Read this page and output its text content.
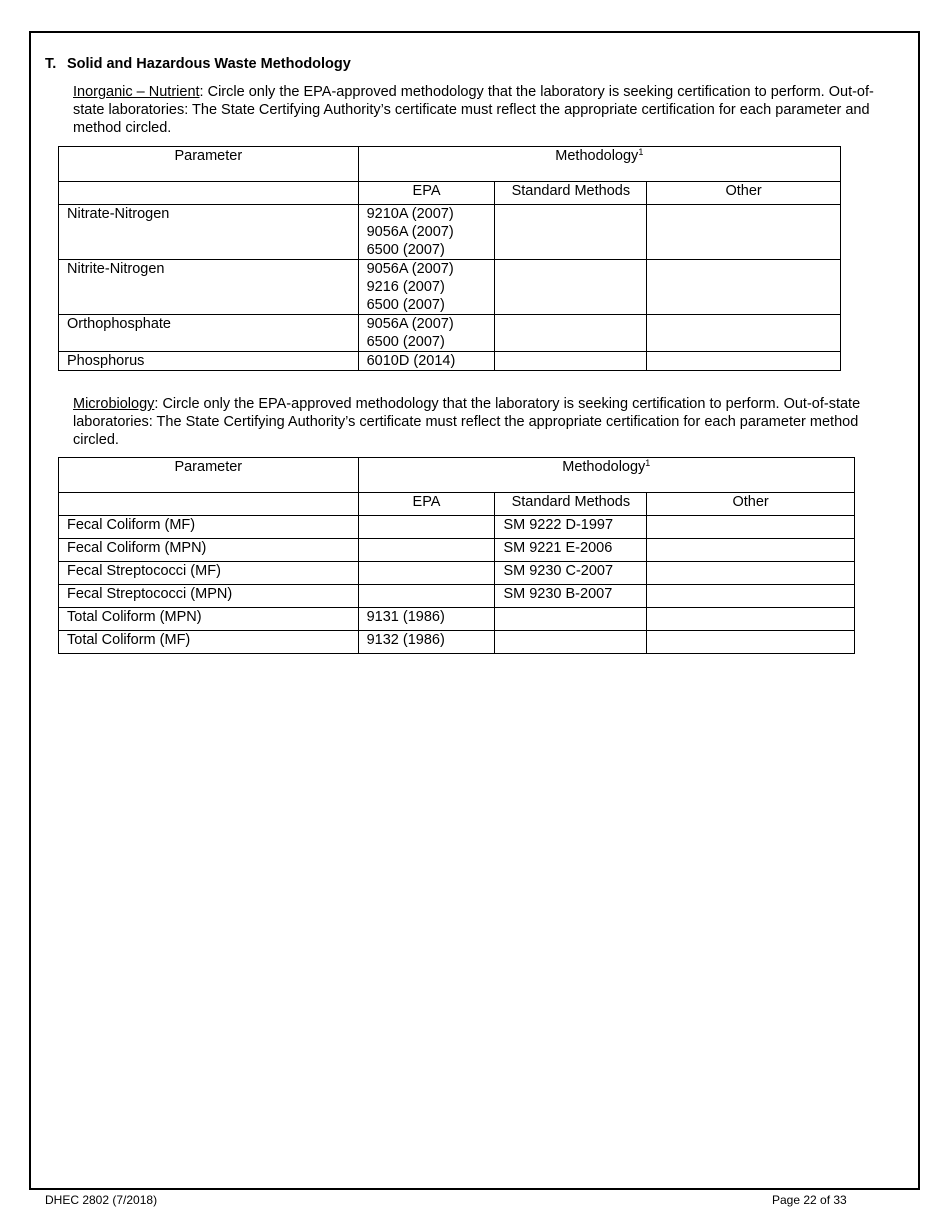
T. Solid and Hazardous Waste Methodology
Inorganic – Nutrient: Circle only the EPA-approved methodology that the laboratory is seeking certification to perform. Out-of-state laboratories: The State Certifying Authority’s certificate must reflect the appropriate certification for each parameter and method circled.
Parameter	Methodology$^1$
	EPA	Standard Methods	Other
Nitrate-Nitrogen	9210A (2007)
9056A (2007)
6500 (2007)		

Nitrite-Nitrogen	9056A (2007)
9216 (2007)
6500 (2007)		

Orthophosphate	9056A (2007)
6500 (2007)		

Phosphorus	6010D (2014)		

Microbiology: Circle only the EPA-approved methodology that the laboratory is seeking certification to perform. Out-of-state laboratories: The State Certifying Authority’s certificate must reflect the appropriate certification for each parameter method circled.
Parameter	Methodology$^1$
	EPA	Standard Methods	Other
Fecal Coliform (MF)		SM 9222 D-1997	
Fecal Coliform (MPN)		SM 9221 E-2006	
Fecal Streptococci (MF)		SM 9230 C-2007	
Fecal Streptococci (MPN)		SM 9230 B-2007	
Total Coliform (MPN)	9131 (1986)		
Total Coliform (MF)	9132 (1986)		
DHEC 2802 (7/2018)	Page 22 of 33
